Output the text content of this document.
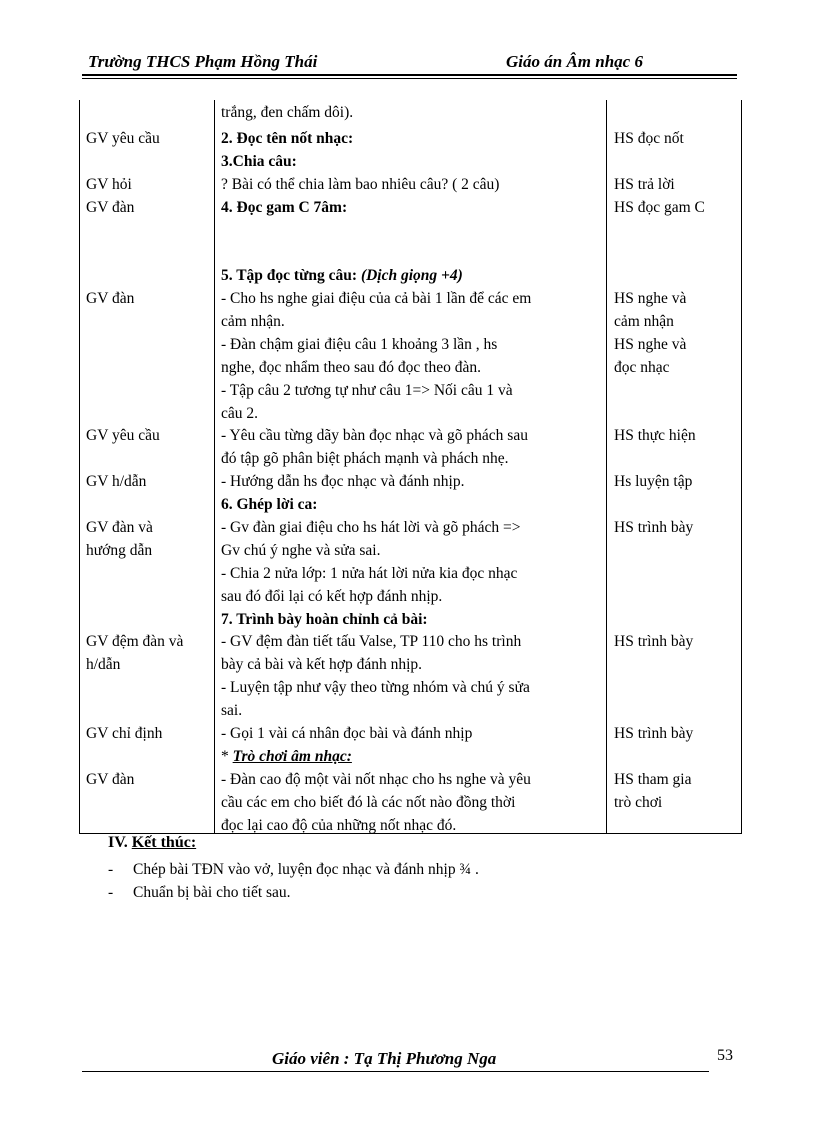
Trường THCS Phạm Hồng Thái	Giáo án Âm nhạc 6
trắng, đen chấm dôi).
GV yêu cầu	2. Đọc tên nốt nhạc:	HS đọc nốt
3.Chia câu:
GV hỏi	? Bài có thể chia làm bao nhiêu câu? ( 2 câu)	HS trả lời
GV đàn	4. Đọc gam C 7âm:	HS đọc gam C
5. Tập đọc từng câu: (Dịch giọng +4)
GV đàn	- Cho hs nghe giai điệu của cả bài 1 lần để các em	HS nghe và
cảm nhận.	cảm nhận
- Đàn chậm giai điệu câu 1 khoảng 3 lần , hs	HS nghe và
nghe, đọc nhẩm theo sau đó đọc theo đàn.	đọc nhạc
- Tập câu 2 tương tự như câu 1=> Nối câu 1 và
câu 2.
GV yêu cầu	- Yêu cầu từng dãy bàn đọc nhạc và gõ phách sau	HS thực hiện
đó tập gõ phân biệt phách mạnh và phách nhẹ.
GV h/dẫn	- Hướng dẫn hs đọc nhạc và đánh nhịp.	Hs luyện tập
6. Ghép lời ca:
GV đàn và	- Gv đàn giai điệu cho hs hát lời và gõ phách =>	HS trình bày
hướng dẫn	Gv chú ý nghe và sửa sai.
- Chia 2 nửa lớp: 1 nửa hát lời nửa kia đọc nhạc
sau đó đổi lại có kết hợp đánh nhịp.
7. Trình bày hoàn chỉnh cả bài:
GV đệm đàn và	- GV đệm đàn tiết tấu Valse, TP 110 cho hs trình	HS trình bày
h/dẫn	bày cả bài và kết hợp đánh nhịp.
- Luyện tập như vậy theo từng nhóm và chú ý sửa
sai.
GV chỉ định	- Gọi 1 vài cá nhân đọc bài và đánh nhịp	HS trình bày
* Trò chơi âm nhạc:
GV đàn	- Đàn cao độ một vài nốt nhạc cho hs nghe và yêu	HS tham gia
cầu các em cho biết đó là các nốt nào đồng thời	trò chơi
đọc lại cao độ của những nốt nhạc đó.
IV. Kết thúc:
- Chép bài TĐN vào vở, luyện đọc nhạc và đánh nhịp ¾ .
- Chuẩn bị bài cho tiết sau.
Giáo viên : Tạ Thị Phương Nga	53
